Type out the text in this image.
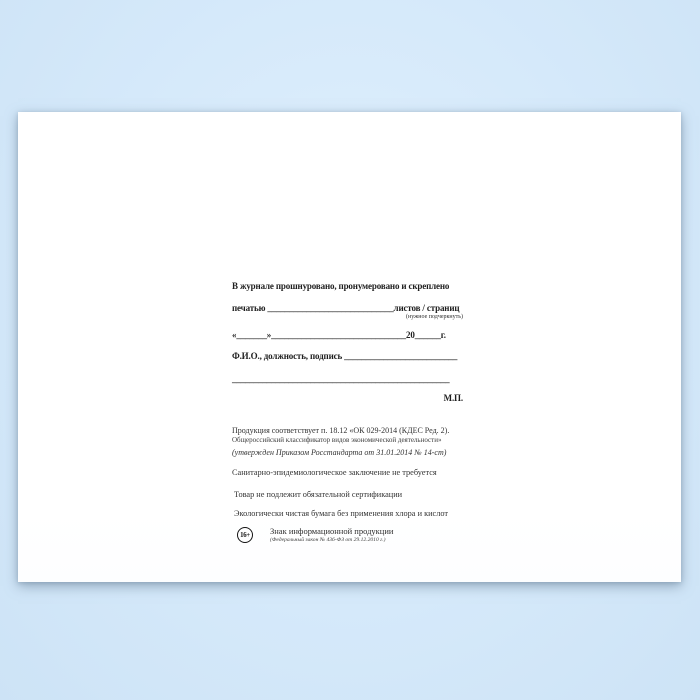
В журнале прошнуровано, пронумеровано и скреплено
печатью _____________________________листов / страниц
(нужное подчеркнуть)
«_______»_______________________________20______г.
Ф.И.О., должность, подпись __________________________
__________________________________________________
М.П.
Продукция соответствует п. 18.12 «ОК 029-2014 (КДЕС Ред. 2).
Общероссийский классификатор видов экономической деятельности»
(утвержден Приказом Росстандарта от 31.01.2014 № 14-ст)
Санитарно-эпидемиологическое заключение не требуется
Товар не подлежит обязательной сертификации
Экологически чистая бумага без применения хлора и кислот
16+	Знак информационной продукции
(Федеральный закон № 436-ФЗ от 29.12.2010 г.)
